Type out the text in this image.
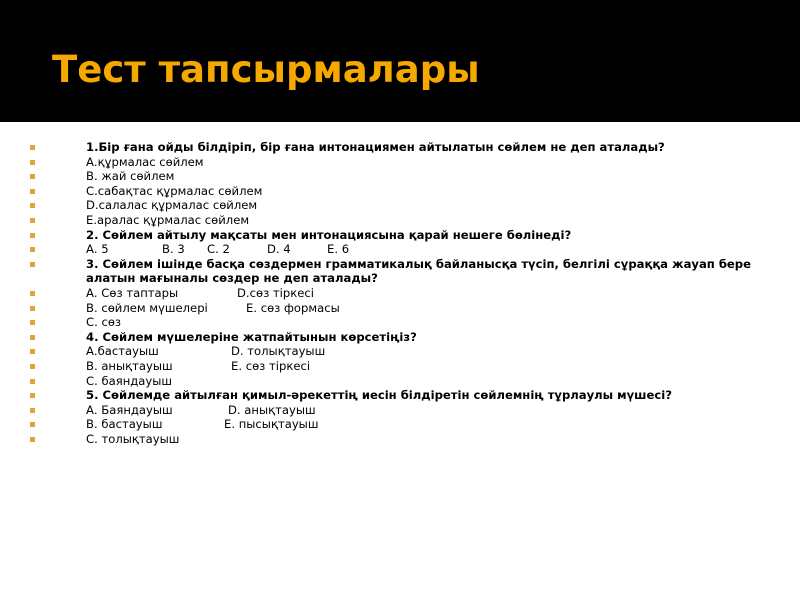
Тест тапсырмалары
1.Бір ғана ойды білдіріп, бір ғана интонациямен айтылатын сөйлем не деп аталады?
А.құрмалас сөйлем
В. жай сөйлем
С.сабақтас құрмалас сөйлем
D.салалас құрмалас сөйлем
Е.аралас құрмалас сөйлем
2. Сөйлем айтылу мақсаты мен интонациясына қарай нешеге бөлінеді?
А. 5	В. 3 С. 2	D. 4	Е. 6
3. Сөйлем ішінде басқа сөздермен грамматикалық байланысқа түсіп, белгілі сұраққа жауап бере алатын мағыналы сөздер не деп аталады?
А. Сөз таптары	D.сөз тіркесі
В. сөйлем мүшелері	Е. сөз формасы
С. сөз
4. Сөйлем мүшелеріне жатпайтынын көрсетіңіз?
А.бастауыш	D. толықтауыш
В. анықтауыш	Е. сөз тіркесі
С. баяндауыш
5. Сөйлемде айтылған қимыл-әрекеттің иесін білдіретін сөйлемнің тұрлаулы мүшесі?
А. Баяндауыш	D. анықтауыш
В. бастауыш	Е. пысықтауыш
С. толықтауыш
